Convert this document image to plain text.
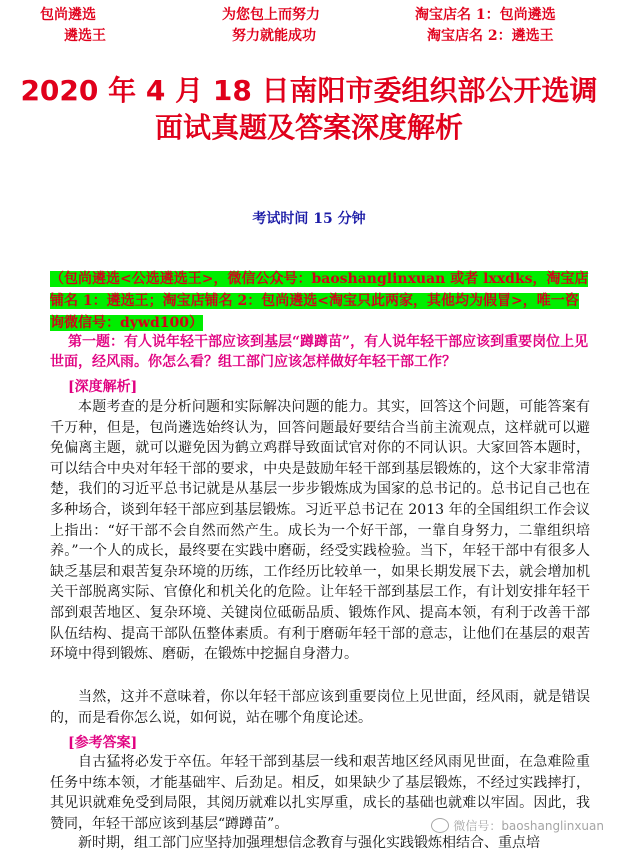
包尚遴选
遴选王
为您包上而努力
努力就能成功
淘宝店名 1：包尚遴选
淘宝店名 2：遴选王
2020 年 4 月 18 日南阳市委组织部公开选调
面试真题及答案深度解析
考试时间 15 分钟
（包尚遴选<公选遴选王>，微信公众号：baoshanglinxuan 或者 lxxdks，淘宝店铺名 1：遴选王；淘宝店铺名 2：包尚遴选<淘宝只此两家，其他均为假冒>，唯一咨询微信号：dywd100）
第一题：有人说年轻干部应该到基层“蹲蹲苗”，有人说年轻干部应该到重要岗位上见世面，经风雨。你怎么看？组工部门应该怎样做好年轻干部工作？
[深度解析]
本题考查的是分析问题和实际解决问题的能力。其实，回答这个问题，可能答案有千万种，但是，包尚遴选始终认为，回答问题最好要结合当前主流观点，这样就可以避免偏离主题，就可以避免因为鹤立鸡群导致面试官对你的不同认识。大家回答本题时，可以结合中央对年轻干部的要求，中央是鼓励年轻干部到基层锻炼的，这个大家非常清楚，我们的习近平总书记就是从基层一步步锻炼成为国家的总书记的。总书记自己也在多种场合，谈到年轻干部应到基层锻炼。习近平总书记在 2013 年的全国组织工作会议上指出：“好干部不会自然而然产生。成长为一个好干部，一靠自身努力，二靠组织培养。”一个人的成长，最终要在实践中磨砺，经受实践检验。当下，年轻干部中有很多人缺乏基层和艰苦复杂环境的历练，工作经历比较单一，如果长期发展下去，就会增加机关干部脱离实际、官僚化和机关化的危险。让年轻干部到基层工作，有计划安排年轻干部到艰苦地区、复杂环境、关键岗位砥砺品质、锻炼作风、提高本领，有利于改善干部队伍结构、提高干部队伍整体素质。有利于磨砺年轻干部的意志，让他们在基层的艰苦环境中得到锻炼、磨砺，在锻炼中挖掘自身潜力。
当然，这并不意味着，你以年轻干部应该到重要岗位上见世面，经风雨，就是错误的，而是看你怎么说，如何说，站在哪个角度论述。
[参考答案]
自古猛将必发于卒伍。年轻干部到基层一线和艰苦地区经风雨见世面，在急难险重任务中练本领，才能基础牢、后劲足。相反，如果缺少了基层锻炼，不经过实践摔打，其见识就难免受到局限，其阅历就难以扎实厚重，成长的基础也就难以牢固。因此，我赞同，年轻干部应该到基层“蹲蹲苗”。
新时期，组工部门应坚持加强理想信念教育与强化实践锻炼相结合、重点培
微信号：baoshanglinxuan
